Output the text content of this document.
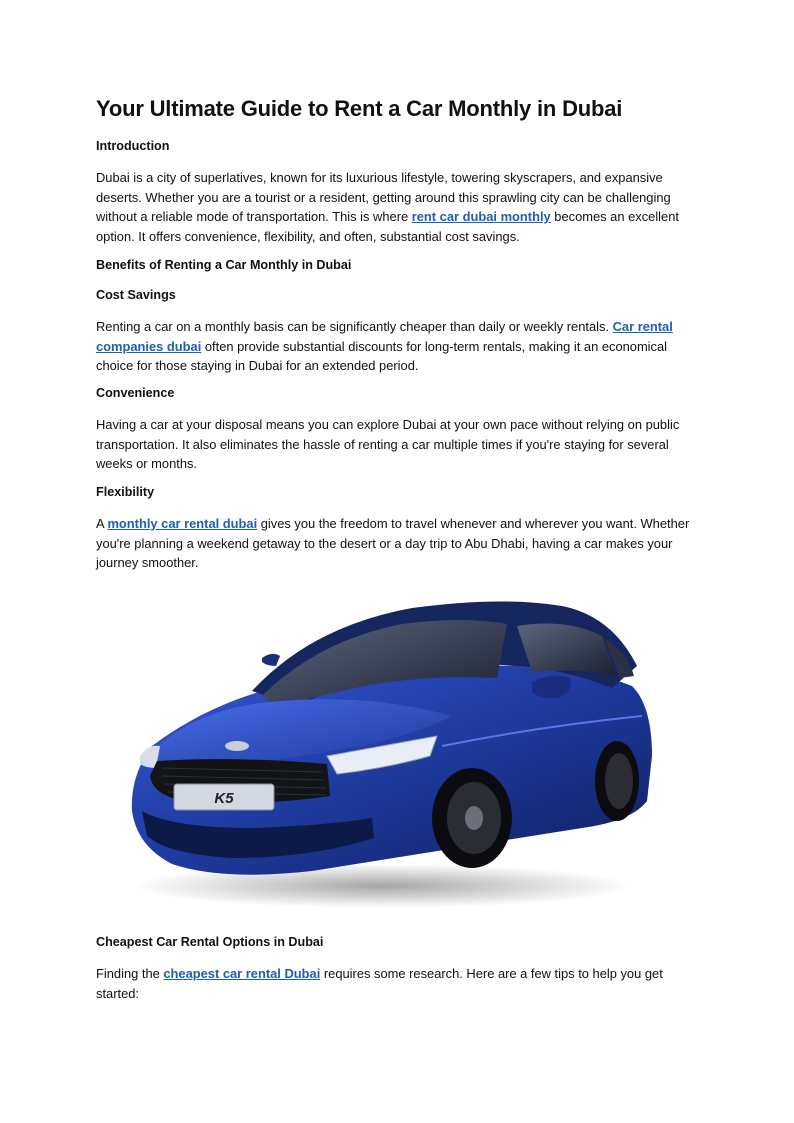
Your Ultimate Guide to Rent a Car Monthly in Dubai

Introduction

Dubai is a city of superlatives, known for its luxurious lifestyle, towering skyscrapers, and expansive deserts. Whether you are a tourist or a resident, getting around this sprawling city can be challenging without a reliable mode of transportation. This is where rent car dubai monthly becomes an excellent option. It offers convenience, flexibility, and often, substantial cost savings.

Benefits of Renting a Car Monthly in Dubai

Cost Savings

Renting a car on a monthly basis can be significantly cheaper than daily or weekly rentals. Car rental companies dubai often provide substantial discounts for long-term rentals, making it an economical choice for those staying in Dubai for an extended period.

Convenience

Having a car at your disposal means you can explore Dubai at your own pace without relying on public transportation. It also eliminates the hassle of renting a car multiple times if you're staying for several weeks or months.

Flexibility

A monthly car rental dubai gives you the freedom to travel whenever and wherever you want. Whether you're planning a weekend getaway to the desert or a day trip to Abu Dhabi, having a car makes your journey smoother.

Cheapest Car Rental Options in Dubai

Finding the cheapest car rental Dubai requires some research. Here are a few tips to help you get started:

K5
